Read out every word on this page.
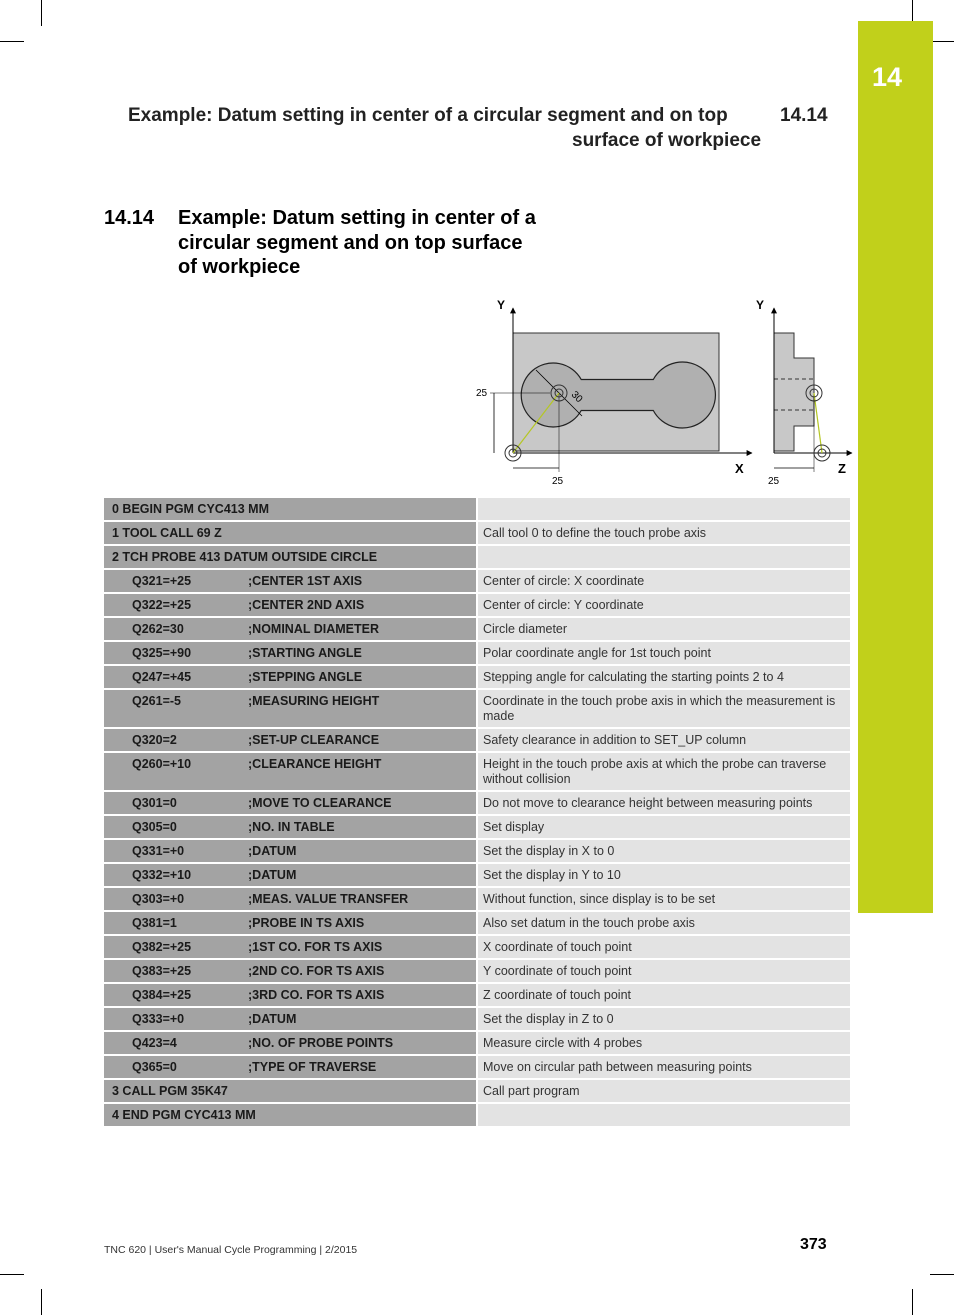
14
Example: Datum setting in center of a circular segment and on top	14.14
surface of workpiece
14.14 Example: Datum setting in center of a circular segment and on top surface of workpiece
Y
X
25
25
30
Y
Z
25
0 BEGIN PGM CYC413 MM	
1 TOOL CALL 69 Z	Call tool 0 to define the touch probe axis
2 TCH PROBE 413 DATUM OUTSIDE CIRCLE	
Q321=+25 ;CENTER 1ST AXIS	Center of circle: X coordinate
Q322=+25 ;CENTER 2ND AXIS	Center of circle: Y coordinate
Q262=30 ;NOMINAL DIAMETER	Circle diameter
Q325=+90 ;STARTING ANGLE	Polar coordinate angle for 1st touch point
Q247=+45 ;STEPPING ANGLE	Stepping angle for calculating the starting points 2 to 4
Q261=-5 ;MEASURING HEIGHT	Coordinate in the touch probe axis in which the measurement is made
Q320=2 ;SET-UP CLEARANCE	Safety clearance in addition to SET_UP column
Q260=+10 ;CLEARANCE HEIGHT	Height in the touch probe axis at which the probe can traverse without collision
Q301=0 ;MOVE TO CLEARANCE	Do not move to clearance height between measuring points
Q305=0 ;NO. IN TABLE	Set display
Q331=+0 ;DATUM	Set the display in X to 0
Q332=+10 ;DATUM	Set the display in Y to 10
Q303=+0 ;MEAS. VALUE TRANSFER	Without function, since display is to be set
Q381=1 ;PROBE IN TS AXIS	Also set datum in the touch probe axis
Q382=+25 ;1ST CO. FOR TS AXIS	X coordinate of touch point
Q383=+25 ;2ND CO. FOR TS AXIS	Y coordinate of touch point
Q384=+25 ;3RD CO. FOR TS AXIS	Z coordinate of touch point
Q333=+0 ;DATUM	Set the display in Z to 0
Q423=4 ;NO. OF PROBE POINTS	Measure circle with 4 probes
Q365=0 ;TYPE OF TRAVERSE	Move on circular path between measuring points
3 CALL PGM 35K47	Call part program
4 END PGM CYC413 MM	
TNC 620 | User's Manual Cycle Programming | 2/2015	373
